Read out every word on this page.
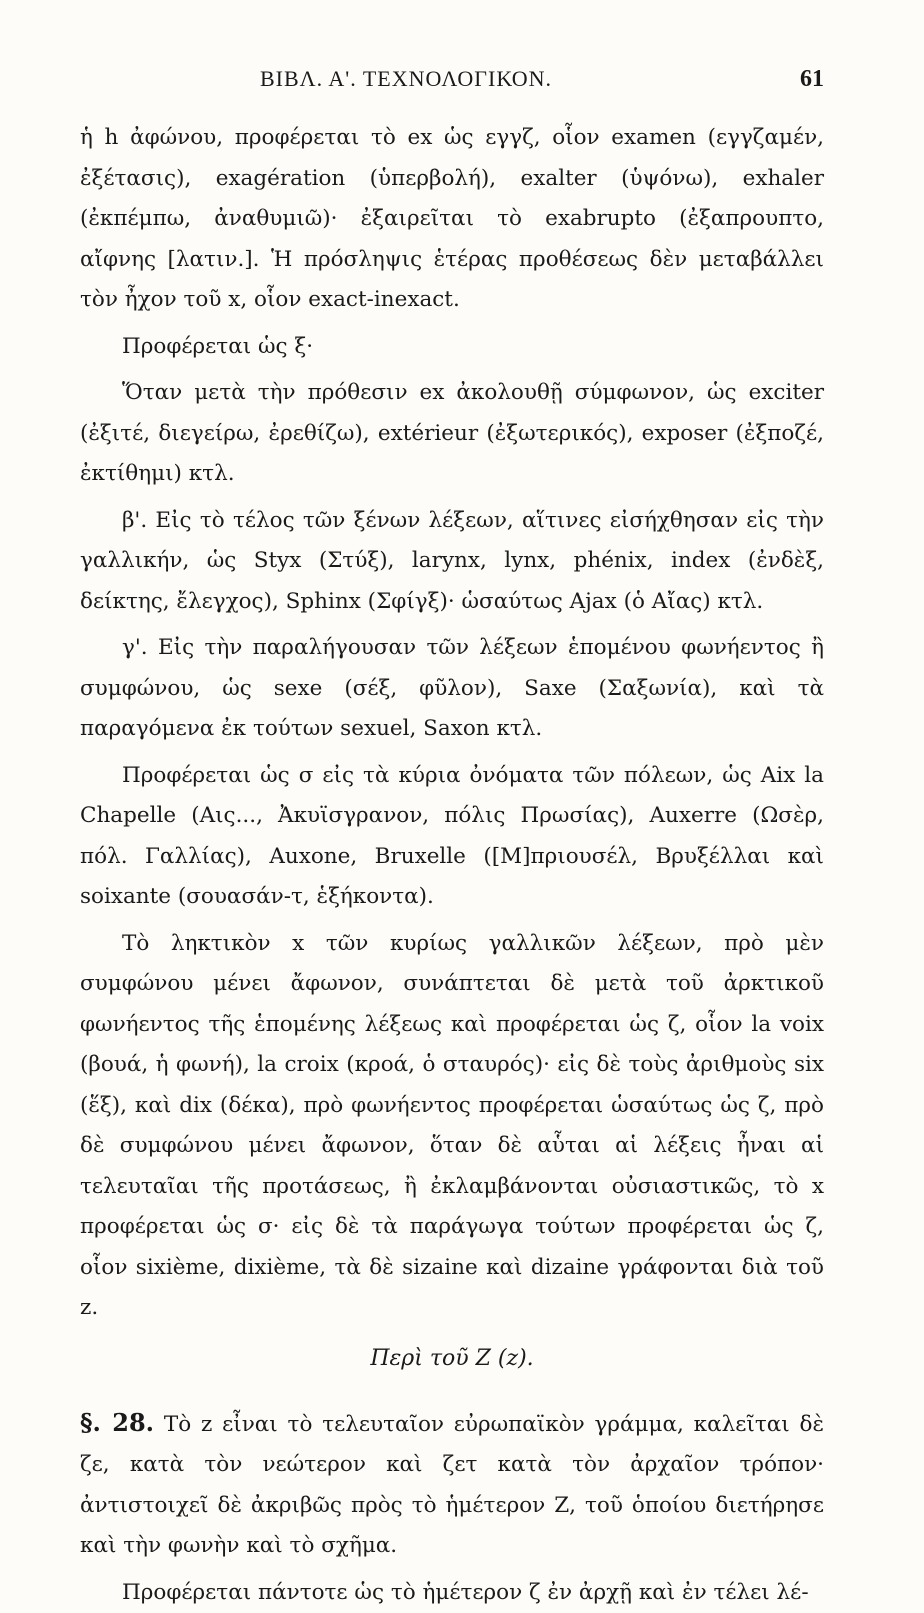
ΒΙΒΛ. Α'. ΤΕΧΝΟΛΟΓΙΚΟΝ.	61

ἡ h ἀφώνου, προφέρεται τὸ ex ὡς εγγζ, οἷον examen (εγγζαμέν, ἐξέτασις), exagération (ὑπερβολή), exalter (ὑψόνω), exhaler (ἐκπέμπω, ἀναθυμιῶ)· ἐξαιρεῖται τὸ exabrupto (ἐξαπρουπτο, αἴφνης [λατιν.]. Ἡ πρόσληψις ἑτέρας προθέσεως δὲν μεταβάλλει τὸν ἦχον τοῦ x, οἷον exact-inexact.

Προφέρεται ὡς ξ·

Ὅταν μετὰ τὴν πρόθεσιν ex ἀκολουθῇ σύμφωνον, ὡς exciter (ἐξιτέ, διεγείρω, ἐρεθίζω), extérieur (ἐξωτερικός), exposer (ἐξποζέ, ἐκτίθημι) κτλ.

β'. Εἰς τὸ τέλος τῶν ξένων λέξεων, αἵτινες εἰσήχθησαν εἰς τὴν γαλλικήν, ὡς Styx (Στύξ), larynx, lynx, phénix, index (ἐνδὲξ, δείκτης, ἔλεγχος), Sphinx (Σφίγξ)· ὡσαύτως Ajax (ὁ Αἴας) κτλ.

γ'. Εἰς τὴν παραλήγουσαν τῶν λέξεων ἑπομένου φωνήεντος ἢ συμφώνου, ὡς sexe (σέξ, φῦλον), Saxe (Σαξωνία), καὶ τὰ παραγόμενα ἐκ τούτων sexuel, Saxon κτλ.

Προφέρεται ὡς σ εἰς τὰ κύρια ὀνόματα τῶν πόλεων, ὡς Aix la Chapelle (Αις..., Ἀκυϊσγρανον, πόλις Πρωσίας), Auxerre (Ωσὲρ, πόλ. Γαλλίας), Auxone, Bruxelle ([Μ]πριουσέλ, Βρυξέλλαι καὶ soixante (σουασάν-τ, ἑξήκοντα).

Τὸ ληκτικὸν x τῶν κυρίως γαλλικῶν λέξεων, πρὸ μὲν συμφώνου μένει ἄφωνον, συνάπτεται δὲ μετὰ τοῦ ἀρκτικοῦ φωνήεντος τῆς ἑπομένης λέξεως καὶ προφέρεται ὡς ζ, οἷον la voix (βουά, ἡ φωνή), la croix (κροά, ὁ σταυρός)· εἰς δὲ τοὺς ἀριθμοὺς six (ἕξ), καὶ dix (δέκα), πρὸ φωνήεντος προφέρεται ὡσαύτως ὡς ζ, πρὸ δὲ συμφώνου μένει ἄφωνον, ὅταν δὲ αὗται αἱ λέξεις ἦναι αἱ τελευταῖαι τῆς προτάσεως, ἢ ἐκλαμβάνονται οὐσιαστικῶς, τὸ x προφέρεται ὡς σ· εἰς δὲ τὰ παράγωγα τούτων προφέρεται ὡς ζ, οἷον sixième, dixième, τὰ δὲ sizaine καὶ dizaine γράφονται διὰ τοῦ z.

Περὶ τοῦ Z (z).

§. 28. Τὸ z εἶναι τὸ τελευταῖον εὐρωπαϊκὸν γράμμα, καλεῖται δὲ ζε, κατὰ τὸν νεώτερον καὶ ζετ κατὰ τὸν ἀρχαῖον τρόπον· ἀντιστοιχεῖ δὲ ἀκριβῶς πρὸς τὸ ἡμέτερον Ζ, τοῦ ὁποίου διετήρησε καὶ τὴν φωνὴν καὶ τὸ σχῆμα.

Προφέρεται πάντοτε ὡς τὸ ἡμέτερον ζ ἐν ἀρχῇ καὶ ἐν τέλει λέ-
